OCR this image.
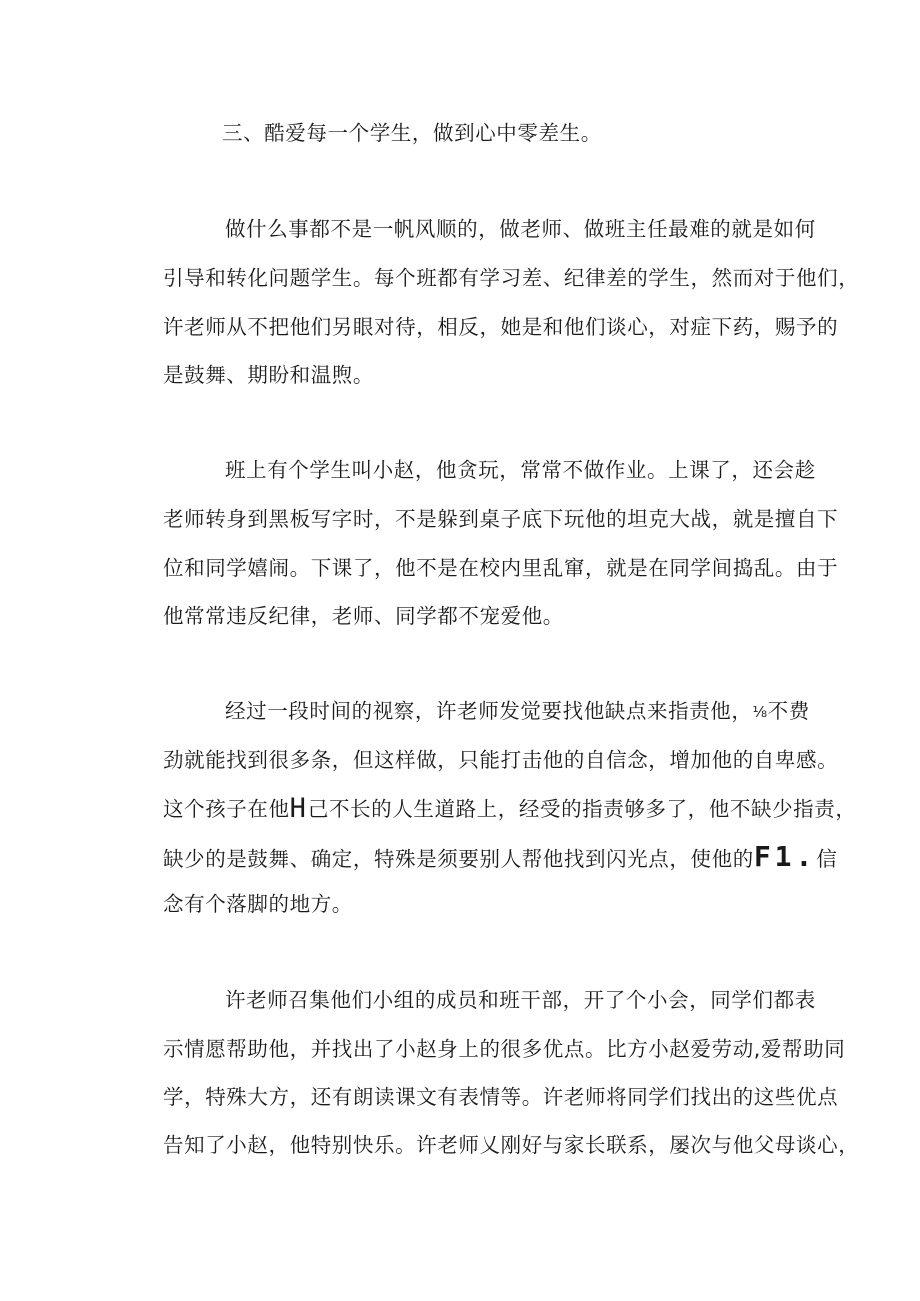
三、酷爱每一个学生，做到心中零差生。
做什么事都不是一帆风顺的，做老师、做班主任最难的就是如何
引导和转化问题学生。每个班都有学习差、纪律差的学生，然而对于他们，
许老师从不把他们另眼对待，相反，她是和他们谈心，对症下药，赐予的
是鼓舞、期盼和温煦。
班上有个学生叫小赵，他贪玩，常常不做作业。上课了，还会趁
老师转身到黑板写字时，不是躲到桌子底下玩他的坦克大战，就是擅自下
位和同学嬉闹。下课了，他不是在校内里乱窜，就是在同学间捣乱。由于
他常常违反纪律，老师、同学都不宠爱他。
经过一段时间的视察，许老师发觉要找他缺点来指责他，⅛不费
劲就能找到很多条，但这样做，只能打击他的自信念，增加他的自卑感。
这个孩子在他H己不长的人生道路上，经受的指责够多了，他不缺少指责，
缺少的是鼓舞、确定，特殊是须要别人帮他找到闪光点，使他的F1.信
念有个落脚的地方。
许老师召集他们小组的成员和班干部，开了个小会，同学们都表
示情愿帮助他，并找出了小赵身上的很多优点。比方小赵爱劳动,爱帮助同
学，特殊大方，还有朗读课文有表情等。许老师将同学们找出的这些优点
告知了小赵，他特别快乐。许老师乂刚好与家长联系，屡次与他父母谈心，
